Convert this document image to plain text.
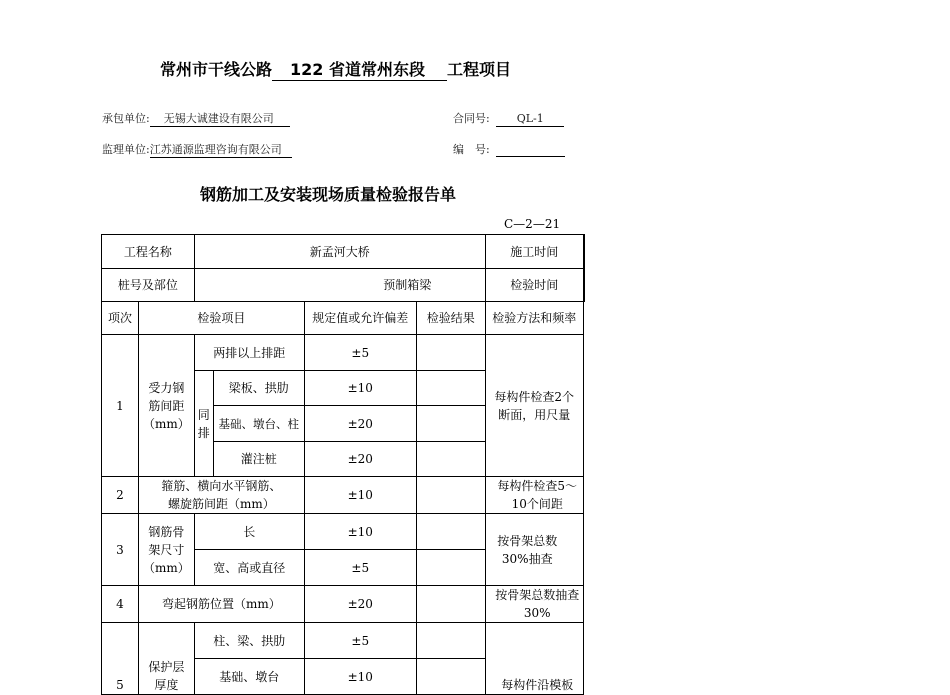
常州市干线公路 122 省道常州东段 工程项目
承包单位: 无锡大诚建设有限公司	合同号: QL-1
监理单位:江苏通源监理咨询有限公司	编　号:
钢筋加工及安装现场质量检验报告单
C—2—21
工程名称		新孟河大桥				施工时间	
桩号及部位		预制箱梁				检验时间	
项次	检验项目			规定值或允许偏差	检验结果	检验方法和频率	
1	受力钢筋间距（mm）	两排以上排距		±5		每构件检查2个断面，用尺量	
		同排	梁板、拱肋	±10			
			基础、墩台、柱	±20			
			灌注桩	±20			
2	箍筋、横向水平钢筋、螺旋筋间距（mm）			±10		每构件检查5～10个间距	
3	钢筋骨架尺寸（mm）	长		±10		按骨架总数30%抽查	
		宽、高或直径		±5			
4	弯起钢筋位置（mm）			±20		按骨架总数抽查30%	
5	保护层厚度	柱、梁、拱肋		±5		每构件沿模板	
		基础、墩台		±10			
